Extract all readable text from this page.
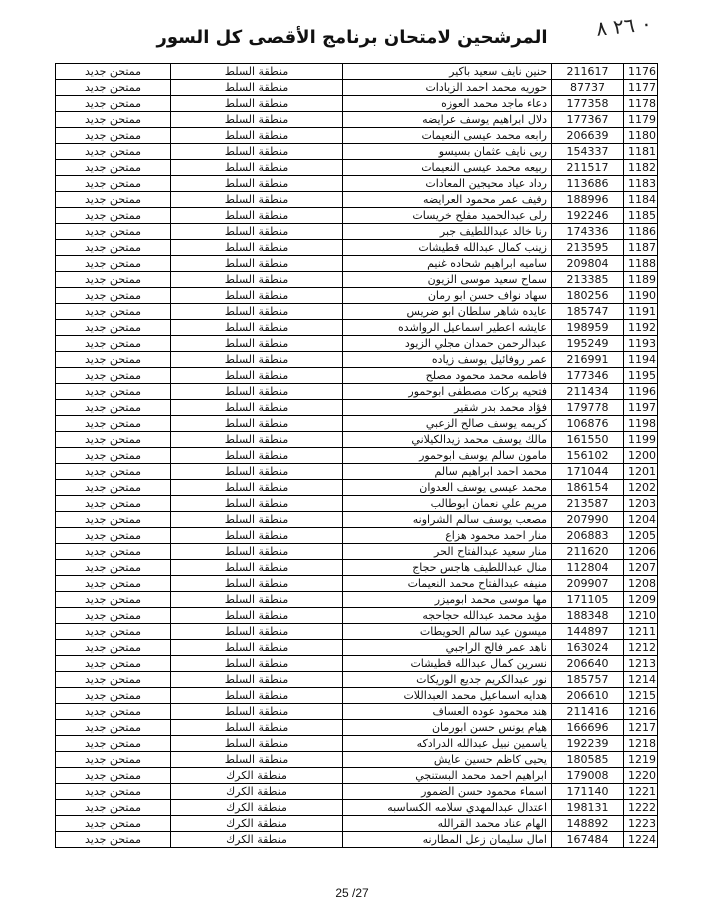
٠ ٢٦ ٨
المرشحين لامتحان برنامج الأقصى كل السور
ممتحن جديد	منطقة السلط	حنين نايف سعيد باكير	211617	1176
ممتحن جديد	منطقة السلط	حوريه محمد احمد الزبادات	87737	1177
ممتحن جديد	منطقة السلط	دعاء ماجد محمد العوزه	177358	1178
ممتحن جديد	منطقة السلط	دلال ابراهيم يوسف عرايضه	177367	1179
ممتحن جديد	منطقة السلط	رابعه محمد عيسى النعيمات	206639	1180
ممتحن جديد	منطقة السلط	ربى نايف عثمان بسيسو	154337	1181
ممتحن جديد	منطقة السلط	ربيعه محمد عيسى النعيمات	211517	1182
ممتحن جديد	منطقة السلط	رداد عياد محيجين المعادات	113686	1183
ممتحن جديد	منطقة السلط	رفيف عمر محمود العرايضه	188996	1184
ممتحن جديد	منطقة السلط	رلى عبدالحميد مفلح خريسات	192246	1185
ممتحن جديد	منطقة السلط	رنا خالد عبداللطيف جبر	174336	1186
ممتحن جديد	منطقة السلط	زينب كمال عبدالله قطيشات	213595	1187
ممتحن جديد	منطقة السلط	ساميه ابراهيم شحاده غنيم	209804	1188
ممتحن جديد	منطقة السلط	سماح سعيد موسى الزيون	213385	1189
ممتحن جديد	منطقة السلط	سهاد نواف حسن ابو رمان	180256	1190
ممتحن جديد	منطقة السلط	عايده شاهر سلطان ابو ضريس	185747	1191
ممتحن جديد	منطقة السلط	عايشه اعطير اسماعيل الرواشده	198959	1192
ممتحن جديد	منطقة السلط	عبدالرحمن حمدان مجلي الزيود	195249	1193
ممتحن جديد	منطقة السلط	عمر روفائيل يوسف زياده	216991	1194
ممتحن جديد	منطقة السلط	فاطمه محمد محمود مصلح	177346	1195
ممتحن جديد	منطقة السلط	فتحيه بركات مصطفى ابوحمور	211434	1196
ممتحن جديد	منطقة السلط	فؤاد محمد بدر شقير	179778	1197
ممتحن جديد	منطقة السلط	كريمه يوسف صالح الزعبي	106876	1198
ممتحن جديد	منطقة السلط	مالك يوسف محمد زيدالكيلاني	161550	1199
ممتحن جديد	منطقة السلط	مامون سالم يوسف ابوحمور	156102	1200
ممتحن جديد	منطقة السلط	محمد احمد ابراهيم سالم	171044	1201
ممتحن جديد	منطقة السلط	محمد عيسى يوسف العدوان	186154	1202
ممتحن جديد	منطقة السلط	مريم علي نعمان ابوطالب	213587	1203
ممتحن جديد	منطقة السلط	مصعب يوسف سالم الشراونه	207990	1204
ممتحن جديد	منطقة السلط	منار احمد محمود هزاع	206883	1205
ممتحن جديد	منطقة السلط	منار سعيد عبدالفتاح الحر	211620	1206
ممتحن جديد	منطقة السلط	منال عبداللطيف هاجس حجاج	112804	1207
ممتحن جديد	منطقة السلط	منيفه عبدالفتاح محمد النعيمات	209907	1208
ممتحن جديد	منطقة السلط	مها موسى محمد ابوميزر	171105	1209
ممتحن جديد	منطقة السلط	مؤيد محمد عبدالله حجاحجه	188348	1210
ممتحن جديد	منطقة السلط	ميسون عيد سالم الحويطات	144897	1211
ممتحن جديد	منطقة السلط	ناهد عمر فالح الراجبي	163024	1212
ممتحن جديد	منطقة السلط	نسرين كمال عبدالله قطيشات	206640	1213
ممتحن جديد	منطقة السلط	نور عبدالكريم جديع الوريكات	185757	1214
ممتحن جديد	منطقة السلط	هدايه اسماعيل محمد العبداللات	206610	1215
ممتحن جديد	منطقة السلط	هند محمود عوده العساف	211416	1216
ممتحن جديد	منطقة السلط	هيام يونس حسن ابورمان	166696	1217
ممتحن جديد	منطقة السلط	ياسمين نبيل عبدالله الدرادكه	192239	1218
ممتحن جديد	منطقة السلط	يحيى كاظم حسين عايش	180585	1219
ممتحن جديد	منطقة الكرك	ابراهيم احمد محمد البستنجي	179008	1220
ممتحن جديد	منطقة الكرك	اسماء محمود حسن الضمور	171140	1221
ممتحن جديد	منطقة الكرك	اعتدال عبدالمهدي سلامه الكساسبه	198131	1222
ممتحن جديد	منطقة الكرك	الهام عناد محمد القرالله	148892	1223
ممتحن جديد	منطقة الكرك	امال سليمان زعل المطارنه	167484	1224
25 /27
